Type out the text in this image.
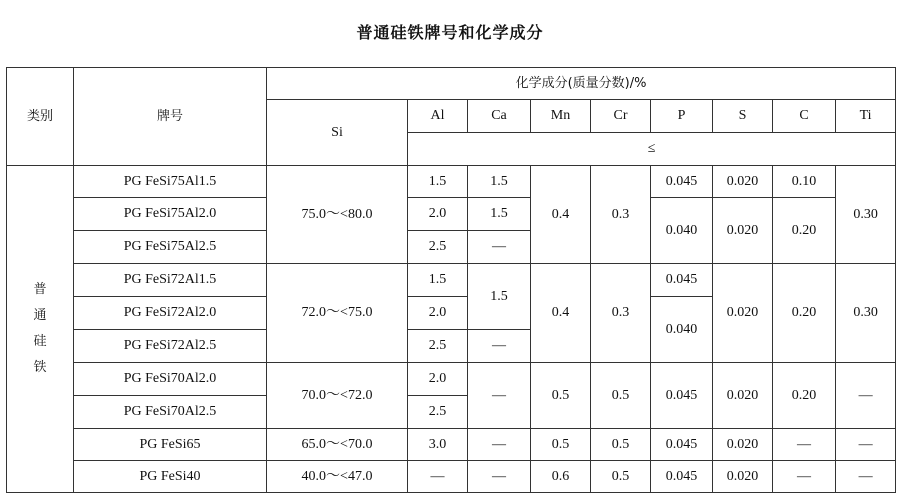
普通硅铁牌号和化学成分
类别	牌号	化学成分(质量分数)/%								
		Si	Al	Ca	Mn	Cr	P	S	C	Ti
			≤							
普通硅铁	PG FeSi75Al1.5	75.0～<80.0	1.5	1.5	0.4	0.3	0.045	0.020	0.10	0.30
	PG FeSi75Al2.0		2.0	1.5			0.040	0.020	0.20	
	PG FeSi75Al2.5		2.5	—						
	PG FeSi72Al1.5	72.0～<75.0	1.5	1.5	0.4	0.3	0.045	0.020	0.20	0.30
	PG FeSi72Al2.0		2.0				0.040			
	PG FeSi72Al2.5		2.5	—						
	PG FeSi70Al2.0	70.0～<72.0	2.0	—	0.5	0.5	0.045	0.020	0.20	—
	PG FeSi70Al2.5		2.5							
	PG FeSi65	65.0～<70.0	3.0	—	0.5	0.5	0.045	0.020	—	—
	PG FeSi40	40.0～<47.0	—	—	0.6	0.5	0.045	0.020	—	—
